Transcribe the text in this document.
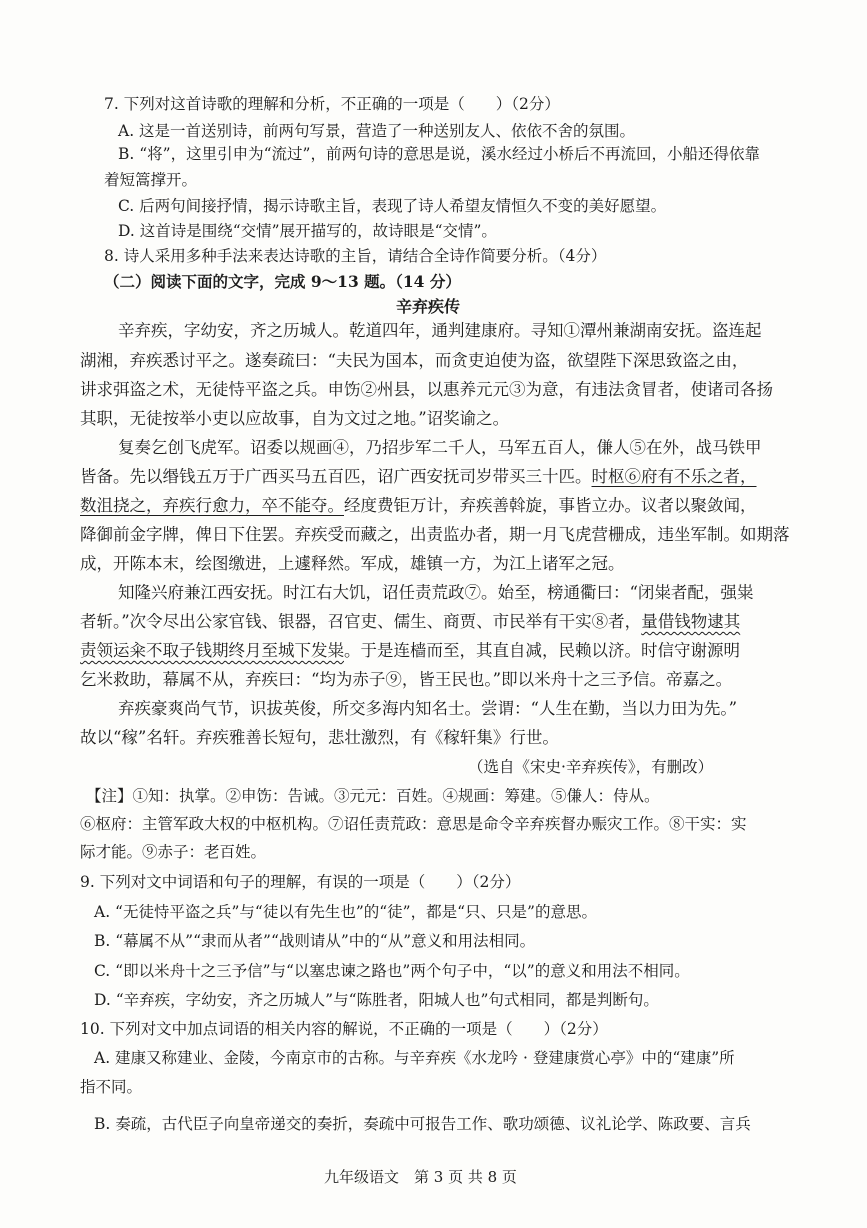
7. 下列对这首诗歌的理解和分析，不正确的一项是（　　）（2分）
A. 这是一首送别诗，前两句写景，营造了一种送别友人、依依不舍的氛围。
B. “将”，这里引申为“流过”，前两句诗的意思是说，溪水经过小桥后不再流回，小船还得依靠
着短篙撑开。
C. 后两句间接抒情，揭示诗歌主旨，表现了诗人希望友情恒久不变的美好愿望。
D. 这首诗是围绕“交情”展开描写的，故诗眼是“交情”。
8. 诗人采用多种手法来表达诗歌的主旨，请结合全诗作简要分析。（4分）
（二）阅读下面的文字，完成 9～13 题。（14 分）
辛弃疾传
辛弃疾，字幼安，齐之历城人。乾道四年，通判建康府。寻知①潭州兼湖南安抚。盗连起
湖湘，弃疾悉讨平之。遂奏疏曰：“夫民为国本，而贪吏迫使为盗，欲望陛下深思致盗之由，
讲求弭盗之术，无徒恃平盗之兵。申饬②州县，以惠养元元③为意，有违法贪冒者，使诸司各扬
其职，无徒按举小吏以应故事，自为文过之地。”诏奖谕之。
复奏乞创飞虎军。诏委以规画④，乃招步军二千人，马军五百人，傔人⑤在外，战马铁甲
皆备。先以缗钱五万于广西买马五百匹，诏广西安抚司岁带买三十匹。时枢⑥府有不乐之者，
数沮挠之，弃疾行愈力，卒不能夺。经度费钜万计，弃疾善斡旋，事皆立办。议者以聚敛闻，
降御前金字牌，俾日下住罢。弃疾受而藏之，出责监办者，期一月飞虎营栅成，违坐军制。如期落
成，开陈本末，绘图缴进，上遽释然。军成，雄镇一方，为江上诸军之冠。
知隆兴府兼江西安抚。时江右大饥，诏任责荒政⑦。始至，榜通衢曰：“闭粜者配，强粜
者斩。”次令尽出公家官钱、银器，召官吏、儒生、商贾、市民举有干实⑧者，量借钱物逮其
责领运籴不取子钱期终月至城下发粜。于是连樯而至，其直自减，民赖以济。时信守谢源明
乞米救助，幕属不从，弃疾曰：“均为赤子⑨，皆王民也。”即以米舟十之三予信。帝嘉之。
弃疾豪爽尚气节，识拔英俊，所交多海内知名士。尝谓：“人生在勤，当以力田为先。”
故以“稼”名轩。弃疾雅善长短句，悲壮激烈，有《稼轩集》行世。
（选自《宋史·辛弃疾传》，有删改）
【注】①知：执掌。②申饬：告诫。③元元：百姓。④规画：筹建。⑤傔人：侍从。
⑥枢府：主管军政大权的中枢机构。⑦诏任责荒政：意思是命令辛弃疾督办赈灾工作。⑧干实：实
际才能。⑨赤子：老百姓。
9. 下列对文中词语和句子的理解，有误的一项是（　　）（2分）
A. “无徒恃平盗之兵”与“徒以有先生也”的“徒”，都是“只、只是”的意思。
B. “幕属不从”“隶而从者”“战则请从”中的“从”意义和用法相同。
C. “即以米舟十之三予信”与“以塞忠谏之路也”两个句子中，“以”的意义和用法不相同。
D. “辛弃疾，字幼安，齐之历城人”与“陈胜者，阳城人也”句式相同，都是判断句。
10. 下列对文中加点词语的相关内容的解说，不正确的一项是（　　）（2分）
A. 建康又称建业、金陵，今南京市的古称。与辛弃疾《水龙吟 · 登建康赏心亭》中的“建康”所
指不同。
B. 奏疏，古代臣子向皇帝递交的奏折，奏疏中可报告工作、歌功颂德、议礼论学、陈政要、言兵
九年级语文　第 3 页 共 8 页
